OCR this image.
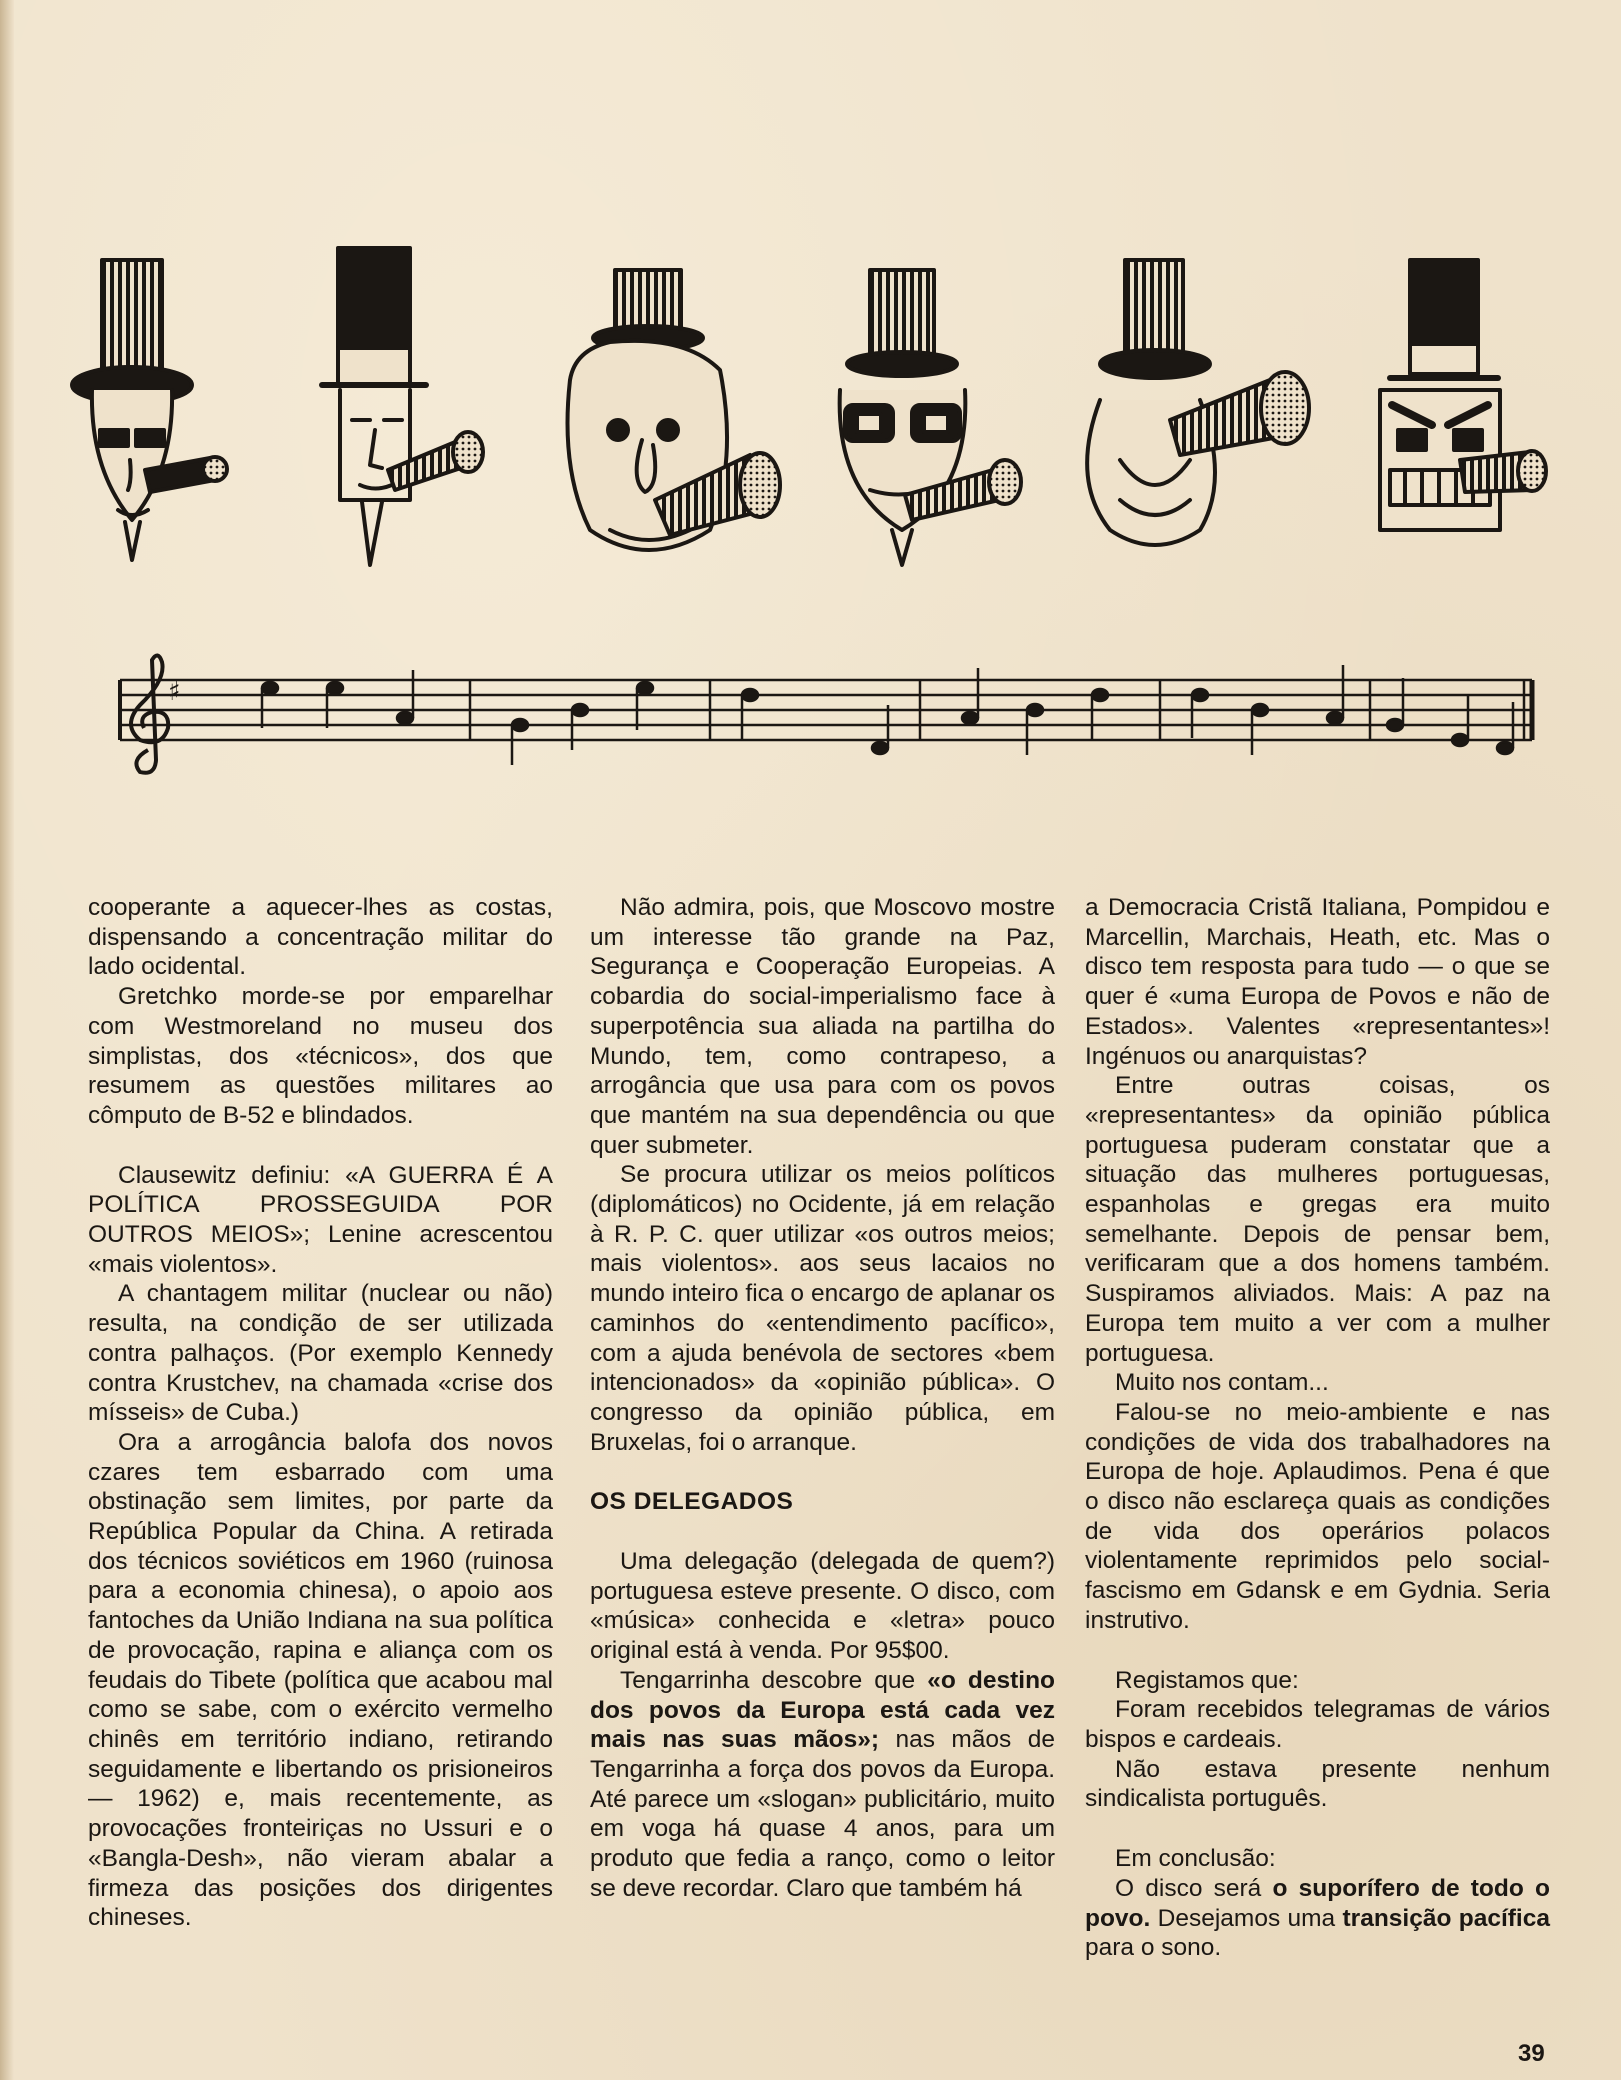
♯

cooperante a aquecer-lhes as costas, dispensando a concentração militar do lado ocidental.

Gretchko morde-se por emparelhar com Westmoreland no museu dos simplistas, dos «técnicos», dos que resumem as questões militares ao cômputo de B-52 e blindados.

Clausewitz definiu: «A GUERRA É A POLÍTICA PROSSEGUIDA POR OUTROS MEIOS»; Lenine acrescentou «mais violentos».

A chantagem militar (nuclear ou não) resulta, na condição de ser utilizada contra palhaços. (Por exemplo Kennedy contra Krustchev, na chamada «crise dos mísseis» de Cuba.)

Ora a arrogância balofa dos novos czares tem esbarrado com uma obstinação sem limites, por parte da República Popular da China. A retirada dos técnicos soviéticos em 1960 (ruinosa para a economia chinesa), o apoio aos fantoches da União Indiana na sua política de provocação, rapina e aliança com os feudais do Tibete (política que acabou mal como se sabe, com o exército vermelho chinês em território indiano, retirando seguidamente e libertando os prisioneiros — 1962) e, mais recentemente, as provocações fronteiriças no Ussuri e o «Bangla-Desh», não vieram abalar a firmeza das posições dos dirigentes chineses.

Não admira, pois, que Moscovo mostre um interesse tão grande na Paz, Segurança e Cooperação Europeias. A cobardia do social-imperialismo face à superpotência sua aliada na partilha do Mundo, tem, como contrapeso, a arrogância que usa para com os povos que mantém na sua dependência ou que quer submeter.

Se procura utilizar os meios políticos (diplomáticos) no Ocidente, já em relação à R. P. C. quer utilizar «os outros meios; mais violentos». aos seus lacaios no mundo inteiro fica o encargo de aplanar os caminhos do «entendimento pacífico», com a ajuda benévola de sectores «bem intencionados» da «opinião pública». O congresso da opinião pública, em Bruxelas, foi o arranque.

OS DELEGADOS

Uma delegação (delegada de quem?) portuguesa esteve presente. O disco, com «música» conhecida e «letra» pouco original está à venda. Por 95$00.

Tengarrinha descobre que «o destino dos povos da Europa está cada vez mais nas suas mãos»; nas mãos de Tengarrinha a força dos povos da Europa. Até parece um «slogan» publicitário, muito em voga há quase 4 anos, para um produto que fedia a ranço, como o leitor se deve recordar. Claro que também há

a Democracia Cristã Italiana, Pompidou e Marcellin, Marchais, Heath, etc. Mas o disco tem resposta para tudo — o que se quer é «uma Europa de Povos e não de Estados». Valentes «representantes»! Ingénuos ou anarquistas?

Entre outras coisas, os «representantes» da opinião pública portuguesa puderam constatar que a situação das mulheres portuguesas, espanholas e gregas era muito semelhante. Depois de pensar bem, verificaram que a dos homens também. Suspiramos aliviados. Mais: A paz na Europa tem muito a ver com a mulher portuguesa.

Muito nos contam...

Falou-se no meio-ambiente e nas condições de vida dos trabalhadores na Europa de hoje. Aplaudimos. Pena é que o disco não esclareça quais as condições de vida dos operários polacos violentamente reprimidos pelo social-fascismo em Gdansk e em Gydnia. Seria instrutivo.

Registamos que:

Foram recebidos telegramas de vários bispos e cardeais.

Não estava presente nenhum sindicalista português.

Em conclusão:

O disco será o suporífero de todo o povo. Desejamos uma transição pacífica para o sono.

39
